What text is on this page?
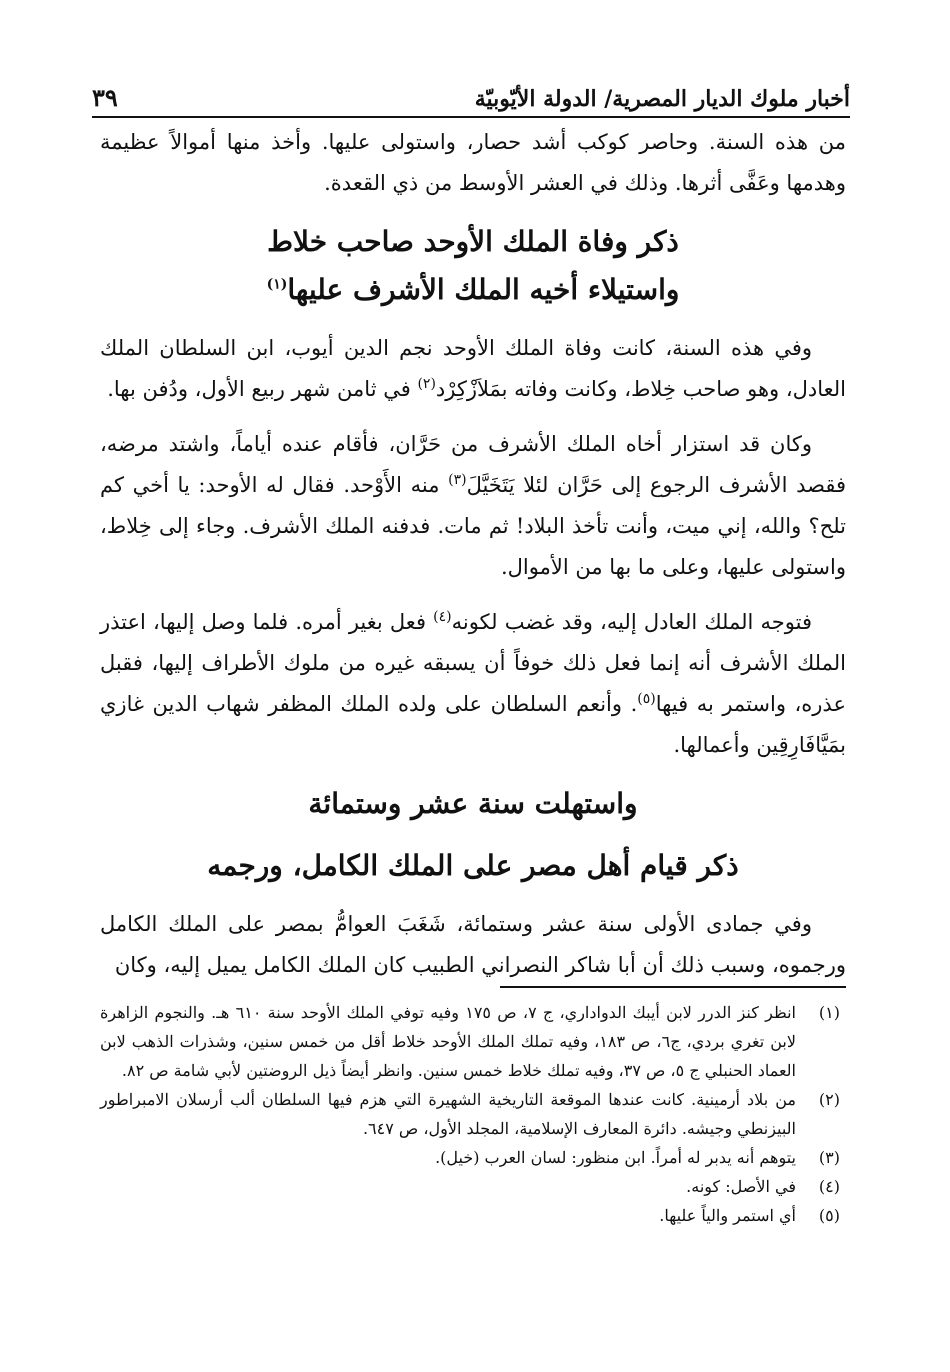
أخبار ملوك الديار المصرية/ الدولة الأيّوبيّة
٣٩

من هذه السنة. وحاصر كوكب أشد حصار، واستولى عليها. وأخذ منها أموالاً عظيمة وهدمها وعَفَّى أثرها. وذلك في العشر الأوسط من ذي القعدة.

ذكر وفاة الملك الأوحد صاحب خلاط
واستيلاء أخيه الملك الأشرف عليها$^{(١)}$

وفي هذه السنة، كانت وفاة الملك الأوحد نجم الدين أيوب، ابن السلطان الملك العادل، وهو صاحب خِلاط، وكانت وفاته بمَلاَزْكِرْد$^{(٢)}$ في ثامن شهر ربيع الأول، ودُفن بها.

وكان قد استزار أخاه الملك الأشرف من حَرَّان، فأقام عنده أياماً، واشتد مرضه، فقصد الأشرف الرجوع إلى حَرَّان لئلا يَتَخَيَّلَ$^{(٣)}$ منه الأَوْحد. فقال له الأوحد: يا أخي كم تلح؟ والله، إني ميت، وأنت تأخذ البلاد! ثم مات. فدفنه الملك الأشرف. وجاء إلى خِلاط، واستولى عليها، وعلى ما بها من الأموال.

فتوجه الملك العادل إليه، وقد غضب لكونه$^{(٤)}$ فعل بغير أمره. فلما وصل إليها، اعتذر الملك الأشرف أنه إنما فعل ذلك خوفاً أن يسبقه غيره من ملوك الأطراف إليها، فقبل عذره، واستمر به فيها$^{(٥)}$. وأنعم السلطان على ولده الملك المظفر شهاب الدين غازي بمَيَّافَارِقِين وأعمالها.

واستهلت سنة عشر وستمائة
ذكر قيام أهل مصر على الملك الكامل، ورجمه

وفي جمادى الأولى سنة عشر وستمائة، شَغَبَ العوامُّ بمصر على الملك الكامل ورجموه، وسبب ذلك أن أبا شاكر النصراني الطبيب كان الملك الكامل يميل إليه، وكان

(١)
انظر كنز الدرر لابن أيبك الدواداري، ج ٧، ص ١٧٥ وفيه توفي الملك الأوحد سنة ٦١٠ هـ. والنجوم الزاهرة لابن تغري بردي، ج٦، ص ١٨٣، وفيه تملك الملك الأوحد خلاط أقل من خمس سنين، وشذرات الذهب لابن العماد الحنبلي ج ٥، ص ٣٧، وفيه تملك خلاط خمس سنين. وانظر أيضاً ذيل الروضتين لأبي شامة ص ٨٢.
(٢)
من بلاد أرمينية. كانت عندها الموقعة التاريخية الشهيرة التي هزم فيها السلطان ألب أرسلان الامبراطور البيزنطي وجيشه. دائرة المعارف الإسلامية، المجلد الأول، ص ٦٤٧.
(٣)
يتوهم أنه يدبر له أمراً. ابن منظور: لسان العرب (خيل).
(٤)
في الأصل: كونه.
(٥)
أي استمر والياً عليها.
